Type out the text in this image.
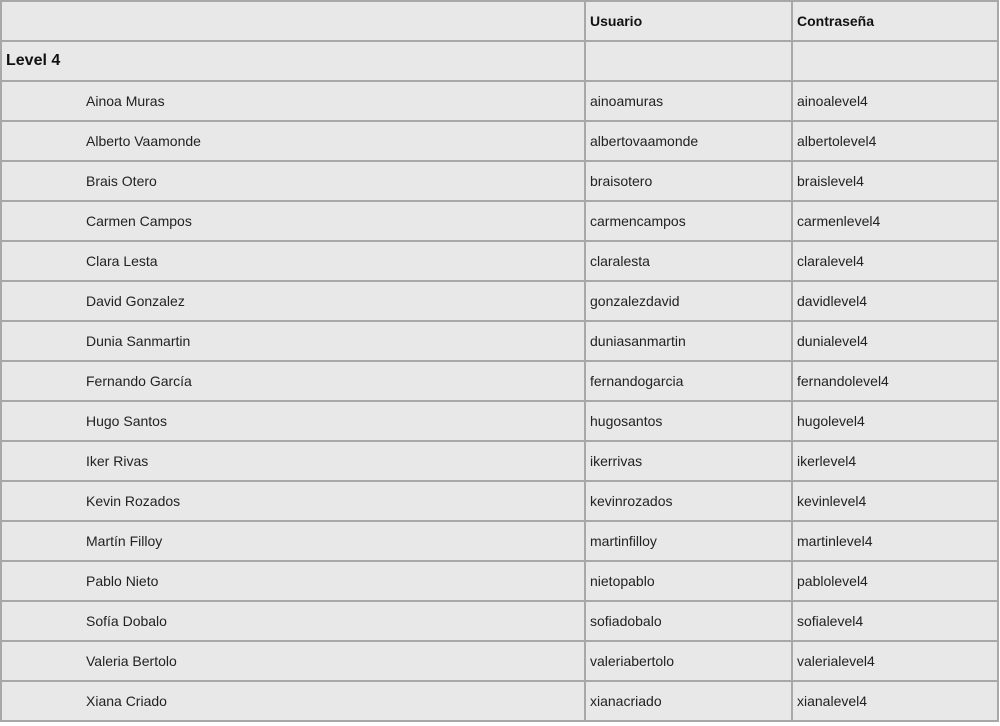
	Usuario	Contraseña
Level 4		
Ainoa Muras	ainoamuras	ainoalevel4
Alberto Vaamonde	albertovaamonde	albertolevel4
Brais Otero	braisotero	braislevel4
Carmen Campos	carmencampos	carmenlevel4
Clara Lesta	claralesta	claralevel4
David Gonzalez	gonzalezdavid	davidlevel4
Dunia Sanmartin	duniasanmartin	dunialevel4
Fernando García	fernandogarcia	fernandolevel4
Hugo Santos	hugosantos	hugolevel4
Iker Rivas	ikerrivas	ikerlevel4
Kevin Rozados	kevinrozados	kevinlevel4
Martín Filloy	martinfilloy	martinlevel4
Pablo Nieto	nietopablo	pablolevel4
Sofía Dobalo	sofiadobalo	sofialevel4
Valeria Bertolo	valeriabertolo	valerialevel4
Xiana Criado	xianacriado	xianalevel4
